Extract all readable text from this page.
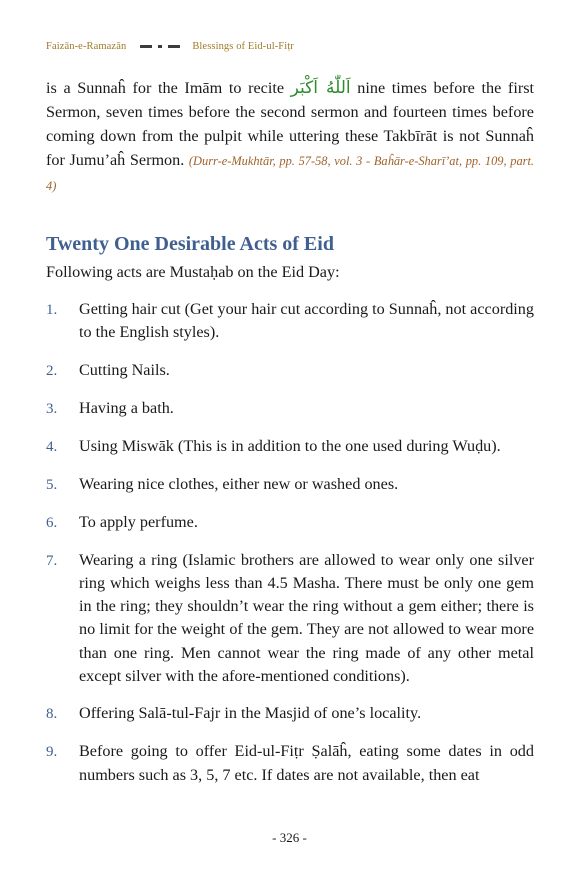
Faizān-e-Ramazān	Blessings of Eid-ul-Fiṭr

is a Sunnaĥ for the Imām to recite اَللّٰهُ اَكْبَر nine times before the first Sermon, seven times before the second sermon and fourteen times before coming down from the pulpit while uttering these Takbīrāt is not Sunnaĥ for Jumu’aĥ Sermon. (Durr-e-Mukhtār, pp. 57-58, vol. 3 - Baĥār-e-Sharī’at, pp. 109, part. 4)

Twenty One Desirable Acts of Eid

Following acts are Mustaḥab on the Eid Day:

1.	Getting hair cut (Get your hair cut according to Sunnaĥ, not according to the English styles).
2.	Cutting Nails.
3.	Having a bath.
4.	Using Miswāk (This is in addition to the one used during Wuḍu).
5.	Wearing nice clothes, either new or washed ones.
6.	To apply perfume.
7.	Wearing a ring (Islamic brothers are allowed to wear only one silver ring which weighs less than 4.5 Masha. There must be only one gem in the ring; they shouldn’t wear the ring without a gem either; there is no limit for the weight of the gem. They are not allowed to wear more than one ring. Men cannot wear the ring made of any other metal except silver with the afore-mentioned conditions).
8.	Offering Salā-tul-Fajr in the Masjid of one’s locality.
9.	Before going to offer Eid-ul-Fiṭr Ṣalāĥ, eating some dates in odd numbers such as 3, 5, 7 etc. If dates are not available, then eat
- 326 -
